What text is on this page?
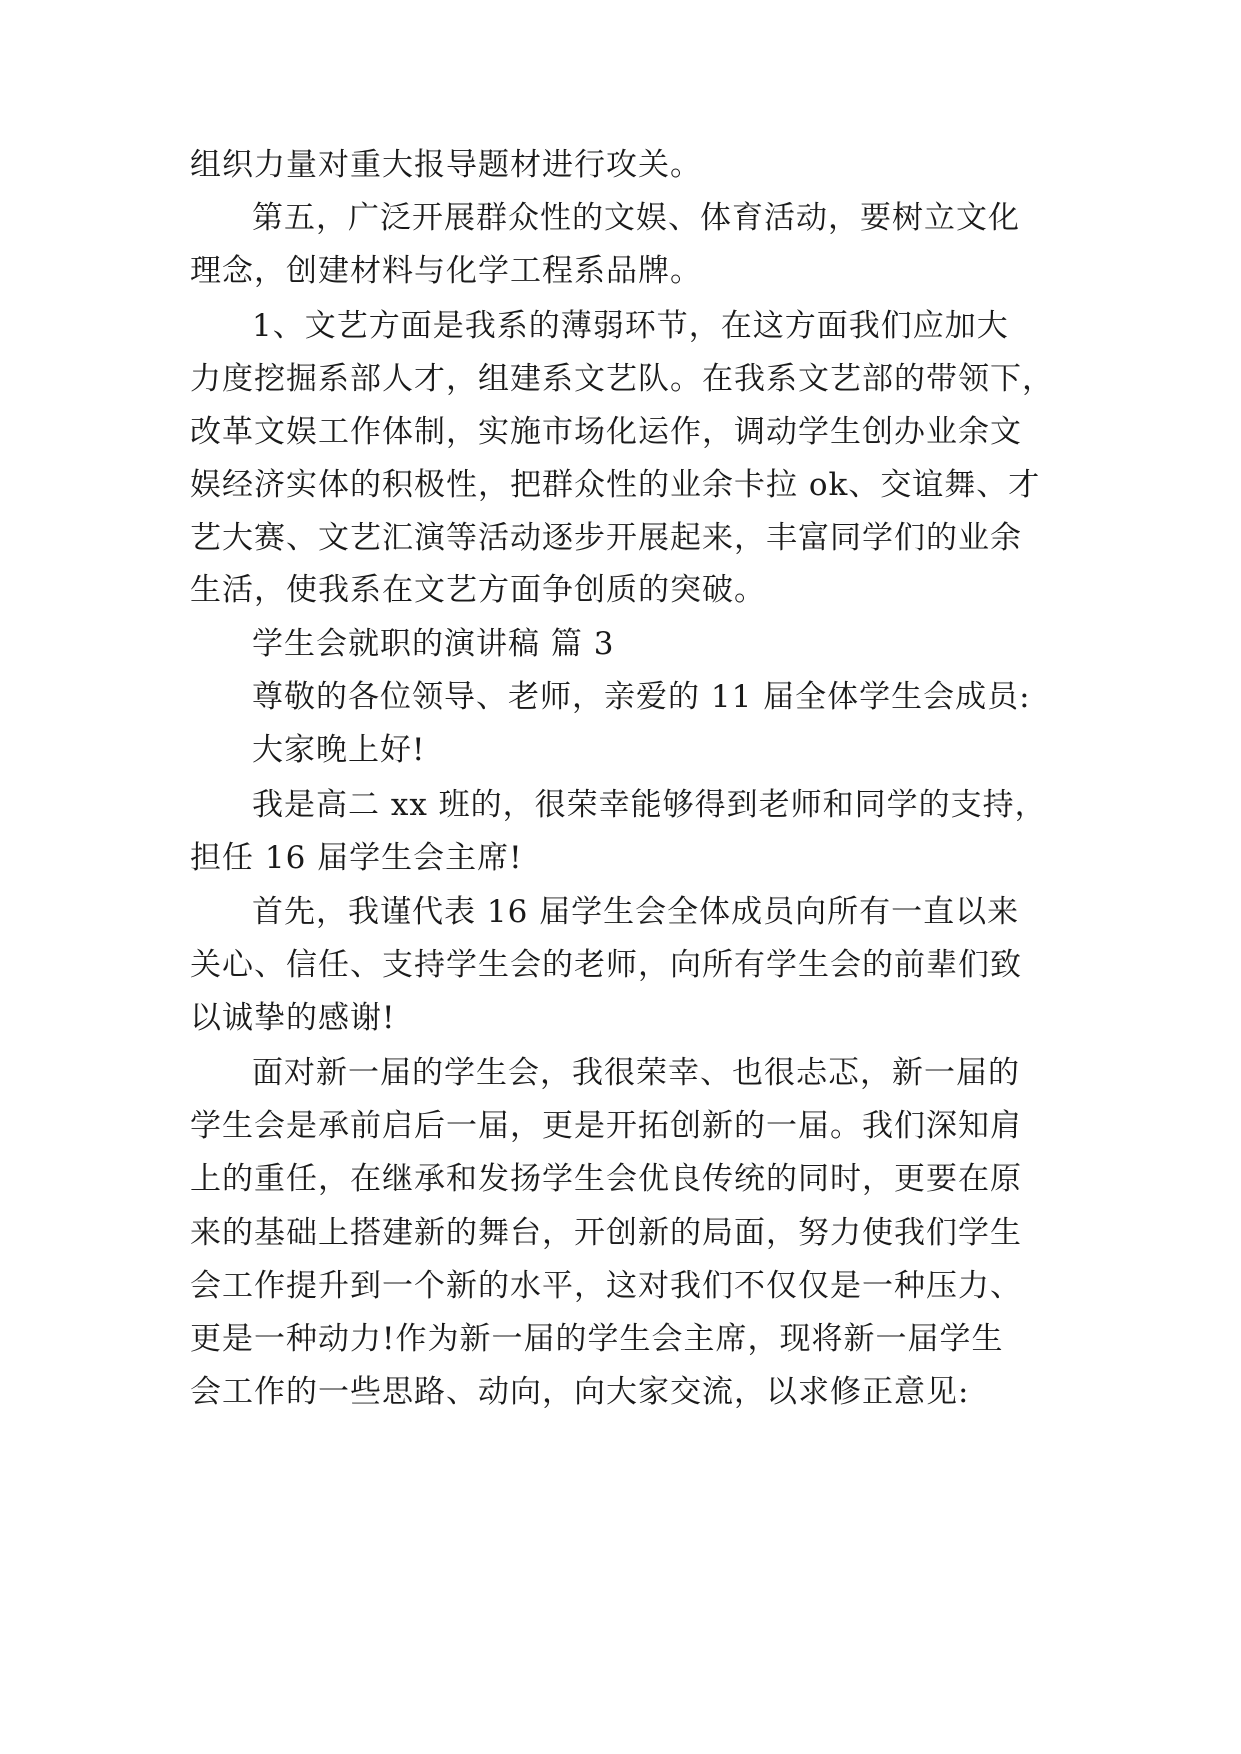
组织力量对重大报导题材进行攻关。
第五，广泛开展群众性的文娱、体育活动，要树立文化
理念，创建材料与化学工程系品牌。
1、文艺方面是我系的薄弱环节，在这方面我们应加大
力度挖掘系部人才，组建系文艺队。在我系文艺部的带领下，
改革文娱工作体制，实施市场化运作，调动学生创办业余文
娱经济实体的积极性，把群众性的业余卡拉 ok、交谊舞、才
艺大赛、文艺汇演等活动逐步开展起来，丰富同学们的业余
生活，使我系在文艺方面争创质的突破。
学生会就职的演讲稿 篇 3
尊敬的各位领导、老师，亲爱的 11 届全体学生会成员:
大家晚上好!
我是高二 xx 班的，很荣幸能够得到老师和同学的支持，
担任 16 届学生会主席!
首先，我谨代表 16 届学生会全体成员向所有一直以来
关心、信任、支持学生会的老师，向所有学生会的前辈们致
以诚挚的感谢!
面对新一届的学生会，我很荣幸、也很忐忑，新一届的
学生会是承前启后一届，更是开拓创新的一届。我们深知肩
上的重任，在继承和发扬学生会优良传统的同时，更要在原
来的基础上搭建新的舞台，开创新的局面，努力使我们学生
会工作提升到一个新的水平，这对我们不仅仅是一种压力、
更是一种动力!作为新一届的学生会主席，现将新一届学生
会工作的一些思路、动向，向大家交流，以求修正意见:
